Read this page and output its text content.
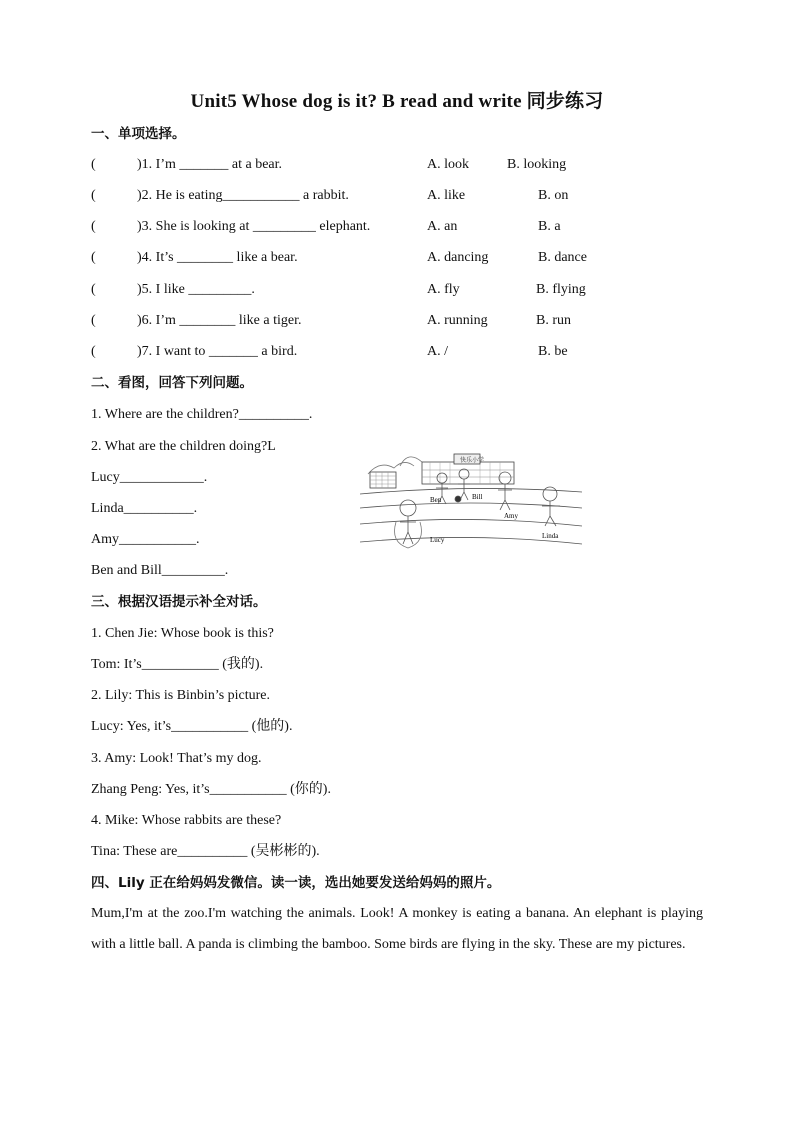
Unit5 Whose dog is it? B read and write 同步练习
一、单项选择。
(	)1. I’m _______ at a bear.	A. look	B. looking
(	)2. He is eating___________ a rabbit.	A. like	B. on
(	)3. She is looking at _________ elephant.	A. an	B. a
(	)4. It’s ________ like a bear.	A. dancing	B. dance
(	)5. I like _________.	A. fly	B. flying
(	)6. I’m ________ like a tiger.	A. running	B. run
(	)7. I want to _______ a bird.	A. /	B. be
二、看图，回答下列问题。
1. Where are the children?__________.
2. What are the children doing?L
Lucy____________.
Linda__________.
Amy___________.
Ben and Bill_________.
快乐小学
Ben	Bill
Amy
Lucy	Linda
三、根据汉语提示补全对话。
1. Chen Jie: Whose book is this?
Tom: It’s___________ (我的).
2. Lily: This is Binbin’s picture.
Lucy: Yes, it’s___________ (他的).
3. Amy: Look! That’s my dog.
Zhang Peng: Yes, it’s___________ (你的).
4. Mike: Whose rabbits are these?
Tina: These are__________ (吴彬彬的).
四、Lily 正在给妈妈发微信。读一读，选出她要发送给妈妈的照片。
Mum,I'm at the zoo.I'm watching the animals. Look! A monkey is eating a banana. An elephant is playing with a little ball. A panda is climbing the bamboo. Some birds are flying in the sky. These are my pictures.
